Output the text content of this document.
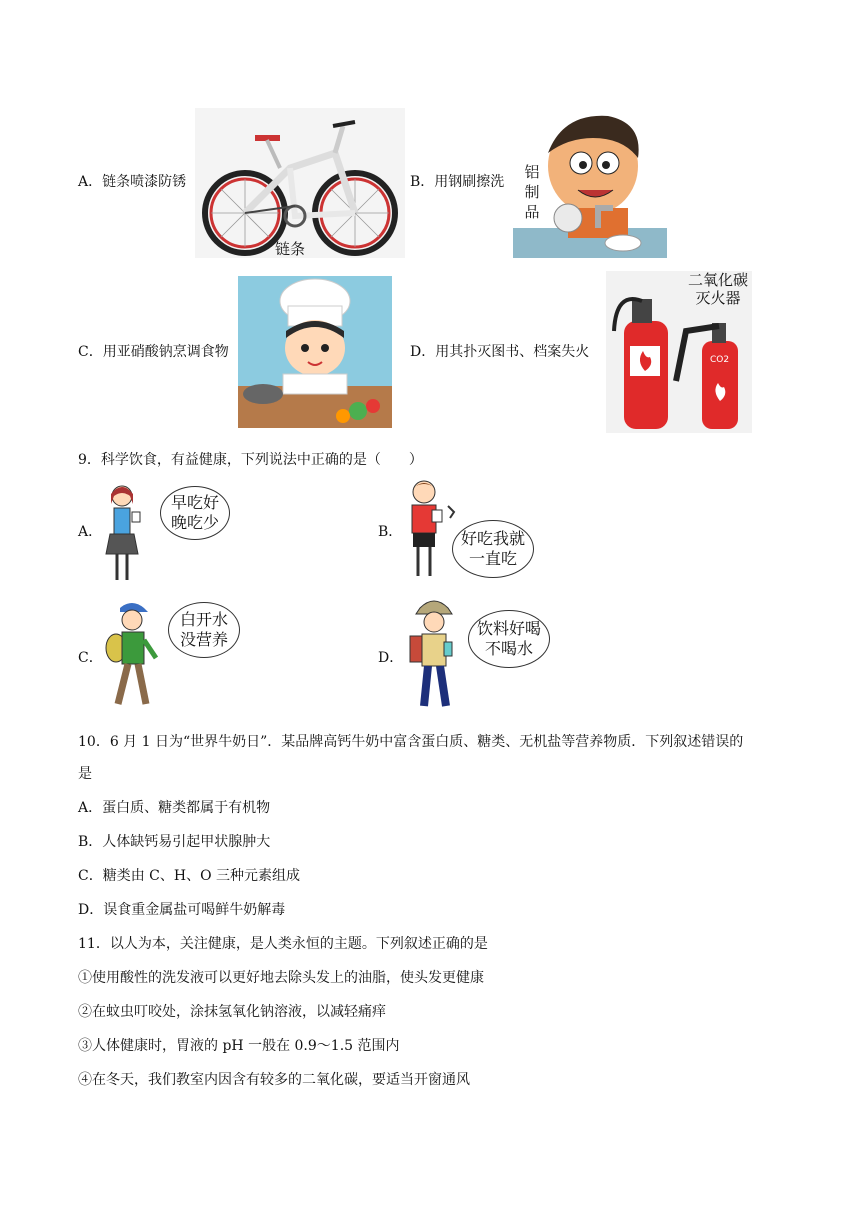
A．链条喷漆防锈
链条
B．用钢刷擦洗
铝
制
品
C．用亚硝酸钠烹调食物	D．用其扑灭图书、档案失火
二氧化碳
灭火器
CO2
9．科学饮食，有益健康，下列说法中正确的是（　　）
A．
早吃好
晚吃少	B．	好吃我就
一直吃
C．
白开水
没营养
D．
饮料好喝
不喝水
10．6 月 1 日为“世界牛奶日”．某品牌高钙牛奶中富含蛋白质、糖类、无机盐等营养物质．下列叙述错误的
是
A．蛋白质、糖类都属于有机物
B．人体缺钙易引起甲状腺肿大
C．糖类由 C、H、O 三种元素组成
D．误食重金属盐可喝鲜牛奶解毒
11．以人为本，关注健康，是人类永恒的主题。下列叙述正确的是
①使用酸性的洗发液可以更好地去除头发上的油脂，使头发更健康
②在蚊虫叮咬处，涂抹氢氧化钠溶液，以减轻痛痒
③人体健康时，胃液的 pH 一般在 0.9～1.5 范围内
④在冬天，我们教室内因含有较多的二氧化碳，要适当开窗通风
